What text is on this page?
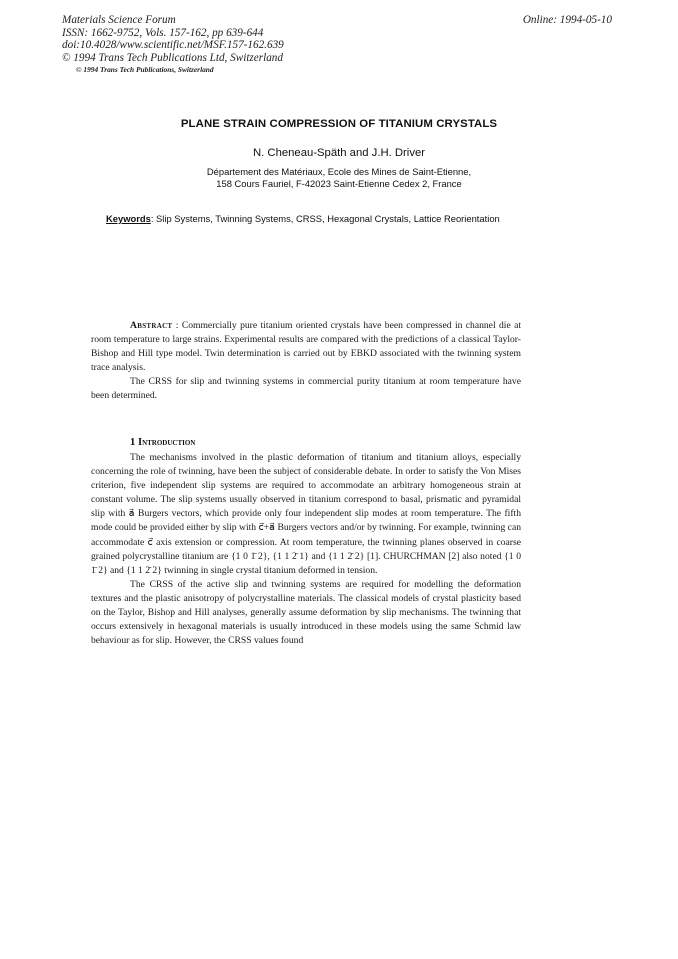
Materials Science Forum
ISSN: 1662-9752, Vols. 157-162, pp 639-644
doi:10.4028/www.scientific.net/MSF.157-162.639
© 1994 Trans Tech Publications Ltd, Switzerland
© 1994 Trans Tech Publications, Switzerland
Online: 1994-05-10
PLANE STRAIN COMPRESSION OF TITANIUM CRYSTALS
N. Cheneau-Späth and J.H. Driver
Département des Matériaux, Ecole des Mines de Saint-Etienne,
158 Cours Fauriel, F-42023 Saint-Etienne Cedex 2, France
Keywords: Slip Systems, Twinning Systems, CRSS, Hexagonal Crystals, Lattice Reorientation

Abstract : Commercially pure titanium oriented crystals have been compressed in channel die at room temperature to large strains. Experimental results are compared with the predictions of a classical Taylor-Bishop and Hill type model. Twin determination is carried out by EBKD associated with the twinning system trace analysis.

The CRSS for slip and twinning systems in commercial purity titanium at room temperature have been determined.

1 Introduction

The mechanisms involved in the plastic deformation of titanium and titanium alloys, especially concerning the role of twinning, have been the subject of considerable debate. In order to satisfy the Von Mises criterion, five independent slip systems are required to accommodate an arbitrary homogeneous strain at constant volume. The slip systems usually observed in titanium correspond to basal, prismatic and pyramidal slip with a⃗ Burgers vectors, which provide only four independent slip modes at room temperature. The fifth mode could be provided either by slip with c⃗+a⃗ Burgers vectors and/or by twinning. For example, twinning can accommodate c⃗ axis extension or compression. At room temperature, the twinning planes observed in coarse grained polycrystalline titanium are {1 0 1̄ 2}, {1 1 2̄ 1} and {1 1 2̄ 2} [1]. CHURCHMAN [2] also noted {1 0 1̄ 2} and {1 1 2̄ 2} twinning in single crystal titanium deformed in tension.

The CRSS of the active slip and twinning systems are required for modelling the deformation textures and the plastic anisotropy of polycrystalline materials. The classical models of crystal plasticity based on the Taylor, Bishop and Hill analyses, generally assume deformation by slip mechanisms. The twinning that occurs extensively in hexagonal materials is usually introduced in these models using the same Schmid law behaviour as for slip. However, the CRSS values found
